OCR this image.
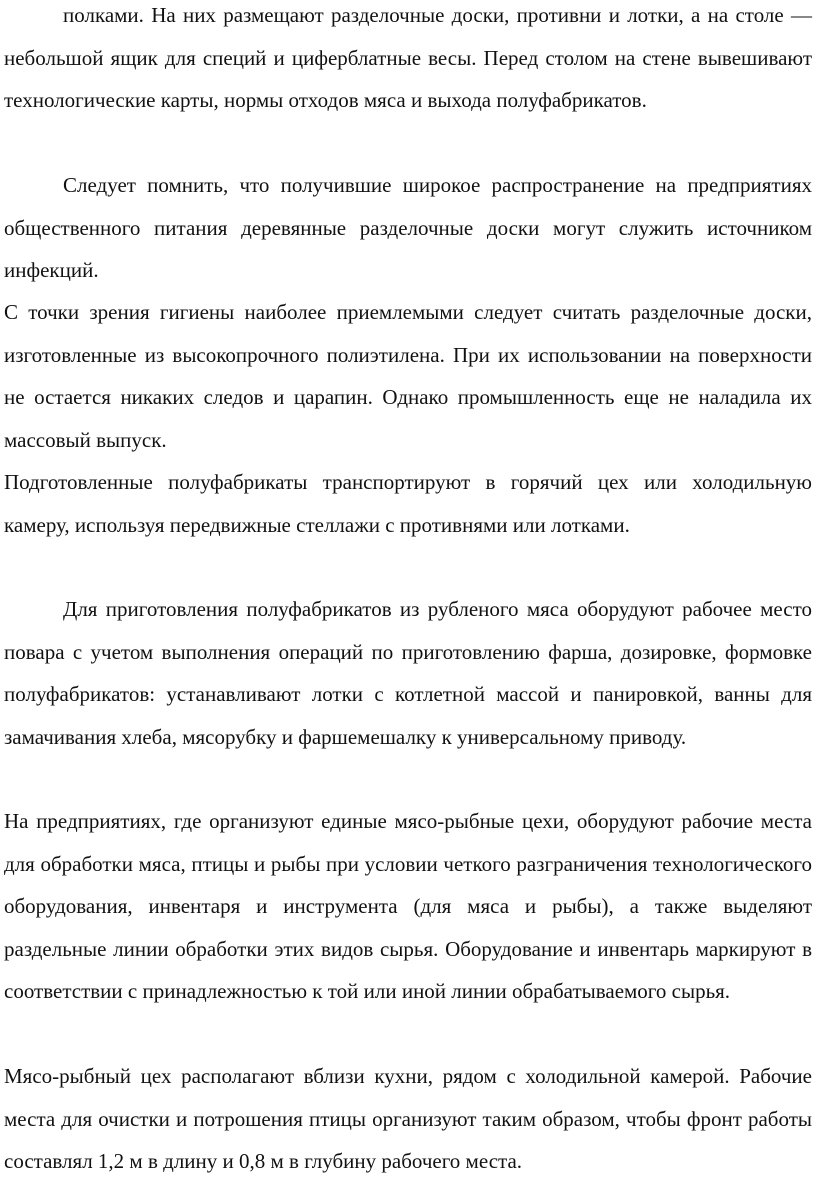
полками. На них размещают разделочные доски, противни и лотки, а на столе — небольшой ящик для специй и циферблатные весы. Перед столом на стене вывешивают технологические карты, нормы отходов мяса и выхода полуфабрикатов.

Следует помнить, что получившие широкое распространение на предприятиях общественного питания деревянные разделочные доски могут служить источником инфекций.

С точки зрения гигиены наиболее приемлемыми следует считать разделочные доски, изготовленные из высокопрочного полиэтилена. При их использовании на поверхности не остается никаких следов и царапин. Однако промышленность еще не наладила их массовый выпуск.

Подготовленные полуфабрикаты транспортируют в горячий цех или холодильную камеру, используя передвижные стеллажи с противнями или лотками.

Для приготовления полуфабрикатов из рубленого мяса оборудуют рабочее место повара с учетом выполнения операций по приготовлению фарша, дозировке, формовке полуфабрикатов: устанавливают лотки с котлетной массой и панировкой, ванны для замачивания хлеба, мясорубку и фаршемешалку к универсальному приводу.

На предприятиях, где организуют единые мясо-рыбные цехи, оборудуют рабочие места для обработки мяса, птицы и рыбы при условии четкого разграничения технологического оборудования, инвентаря и инструмента (для мяса и рыбы), а также выделяют раздельные линии обработки этих видов сырья. Оборудование и инвентарь маркируют в соответствии с принадлежностью к той или иной линии обрабатываемого сырья.

Мясо-рыбный цех располагают вблизи кухни, рядом с холодильной камерой. Рабочие места для очистки и потрошения птицы организуют таким образом, чтобы фронт работы составлял 1,2 м в длину и 0,8 м в глубину рабочего места.
